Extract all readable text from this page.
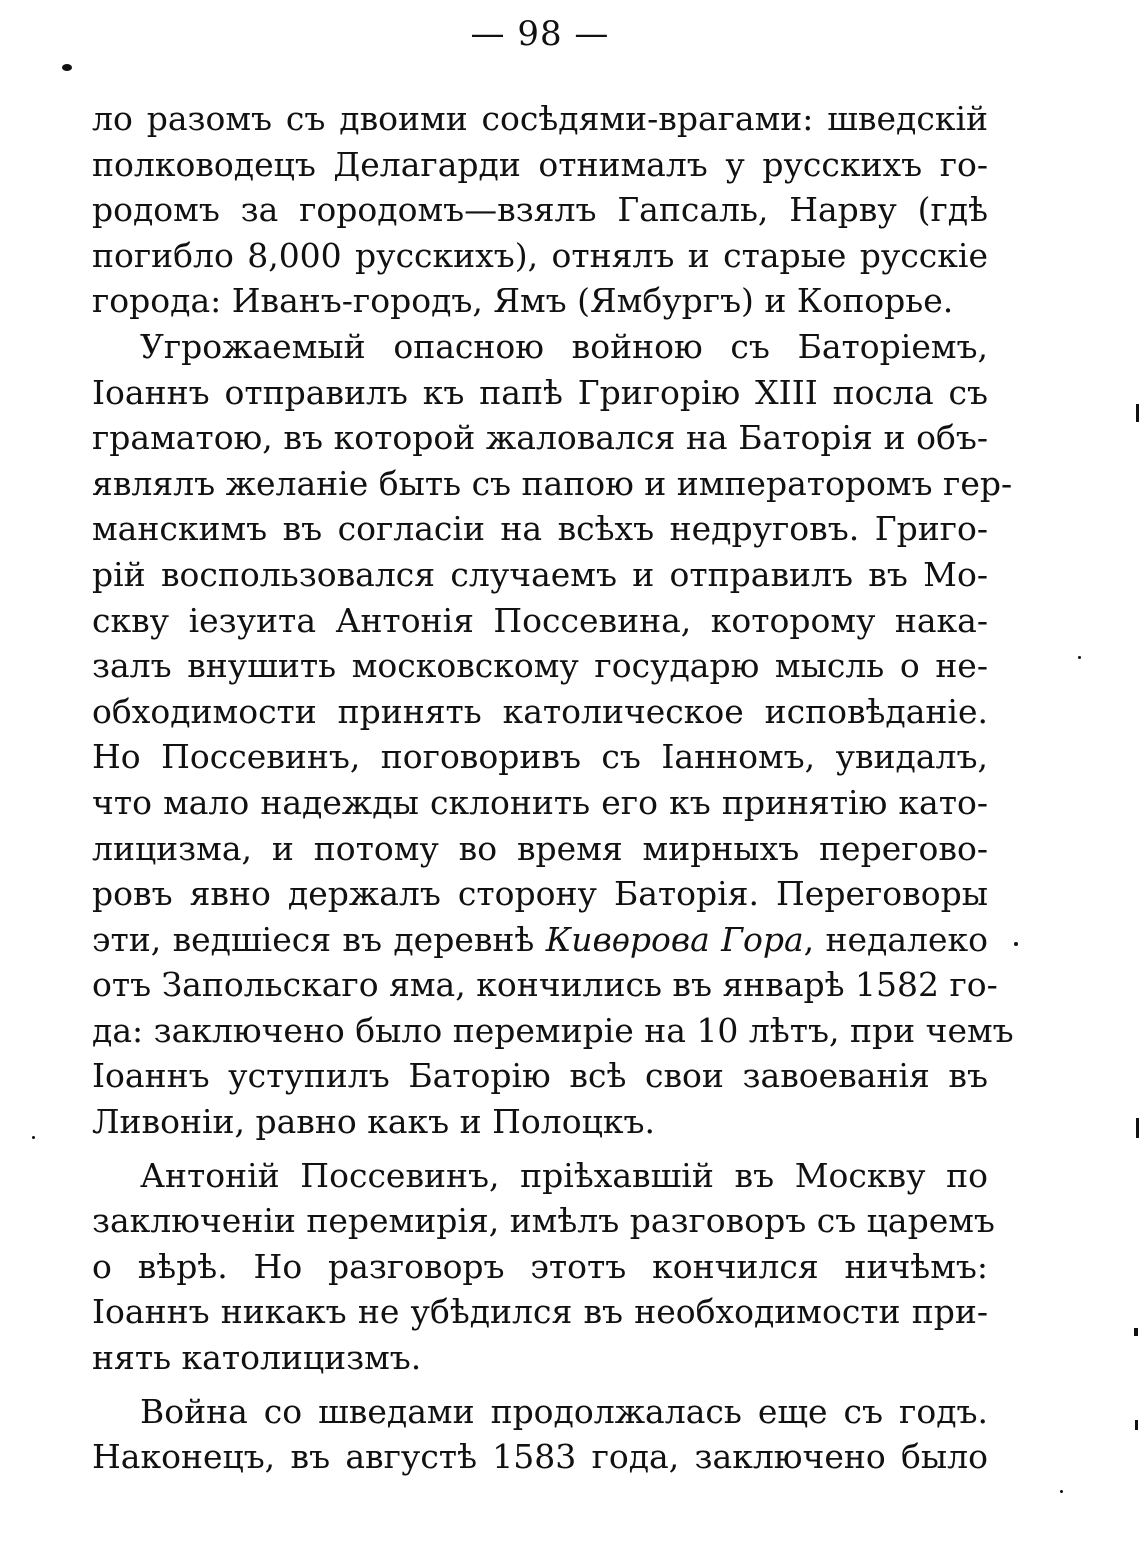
— 98 —
ло разомъ съ двоими сосѣдями-врагами: шведскій
полководецъ Делагарди отнималъ у русскихъ го-
родомъ за городомъ—взялъ Гапсаль, Нарву (гдѣ
погибло 8,000 русскихъ), отнялъ и старые русскіе
города: Иванъ-городъ, Ямъ (Ямбургъ) и Копорье.
Угрожаемый опасною войною съ Баторіемъ,
Іоаннъ отправилъ къ папѣ Григорію XIII посла съ
граматою, въ которой жаловался на Баторія и объ-
являлъ желаніе быть съ папою и императоромъ гер-
манскимъ въ согласіи на всѣхъ недруговъ. Григо-
рій воспользовался случаемъ и отправилъ въ Мо-
скву іезуита Антонія Поссевина, которому нака-
залъ внушить московскому государю мысль о не-
обходимости принять католическое исповѣданіе.
Но Поссевинъ, поговоривъ съ Іанномъ, увидалъ,
что мало надежды склонить его къ принятію като-
лицизма, и потому во время мирныхъ перегово-
ровъ явно держалъ сторону Баторія. Переговоры
эти, ведшіеся въ деревнѣ Кивѳрова Гора, недалеко
отъ Запольскаго яма, кончились въ январѣ 1582 го-
да: заключено было перемиріе на 10 лѣтъ, при чемъ
Іоаннъ уступилъ Баторію всѣ свои завоеванія въ
Ливоніи, равно какъ и Полоцкъ.
Антоній Поссевинъ, пріѣхавшій въ Москву по
заключеніи перемирія, имѣлъ разговоръ съ царемъ
о вѣрѣ. Но разговоръ этотъ кончился ничѣмъ:
Іоаннъ никакъ не убѣдился въ необходимости при-
нять католицизмъ.
Война со шведами продолжалась еще съ годъ.
Наконецъ, въ августѣ 1583 года, заключено было
